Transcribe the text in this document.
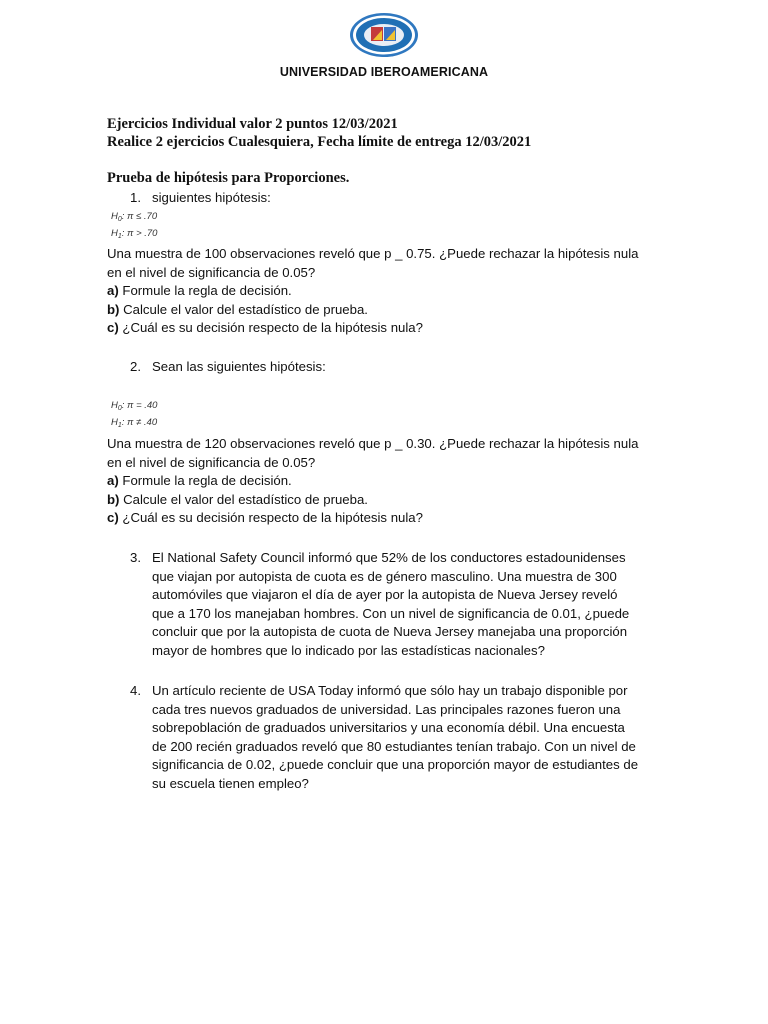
UNIVERSIDAD IBEROAMERICANA
Ejercicios Individual valor 2 puntos 12/03/2021
Realice 2 ejercicios Cualesquiera, Fecha límite de entrega 12/03/2021
Prueba de hipótesis para Proporciones.
1. siguientes hipótesis:
$H_0$: π ≤ .70
$H_1$: π > .70
Una muestra de 100 observaciones reveló que p _ 0.75. ¿Puede rechazar la hipótesis nula
en el nivel de significancia de 0.05?
a) Formule la regla de decisión.
b) Calcule el valor del estadístico de prueba.
c) ¿Cuál es su decisión respecto de la hipótesis nula?
2. Sean las siguientes hipótesis:
$H_0$: π = .40
$H_1$: π ≠ .40
Una muestra de 120 observaciones reveló que p _ 0.30. ¿Puede rechazar la hipótesis nula
en el nivel de significancia de 0.05?
a) Formule la regla de decisión.
b) Calcule el valor del estadístico de prueba.
c) ¿Cuál es su decisión respecto de la hipótesis nula?
3. El National Safety Council informó que 52% de los conductores estadounidenses
que viajan por autopista de cuota es de género masculino. Una muestra de 300
automóviles que viajaron el día de ayer por la autopista de Nueva Jersey reveló
que a 170 los manejaban hombres. Con un nivel de significancia de 0.01, ¿puede
concluir que por la autopista de cuota de Nueva Jersey manejaba una proporción
mayor de hombres que lo indicado por las estadísticas nacionales?
4. Un artículo reciente de USA Today informó que sólo hay un trabajo disponible por
cada tres nuevos graduados de universidad. Las principales razones fueron una
sobrepoblación de graduados universitarios y una economía débil. Una encuesta
de 200 recién graduados reveló que 80 estudiantes tenían trabajo. Con un nivel de
significancia de 0.02, ¿puede concluir que una proporción mayor de estudiantes de
su escuela tienen empleo?
